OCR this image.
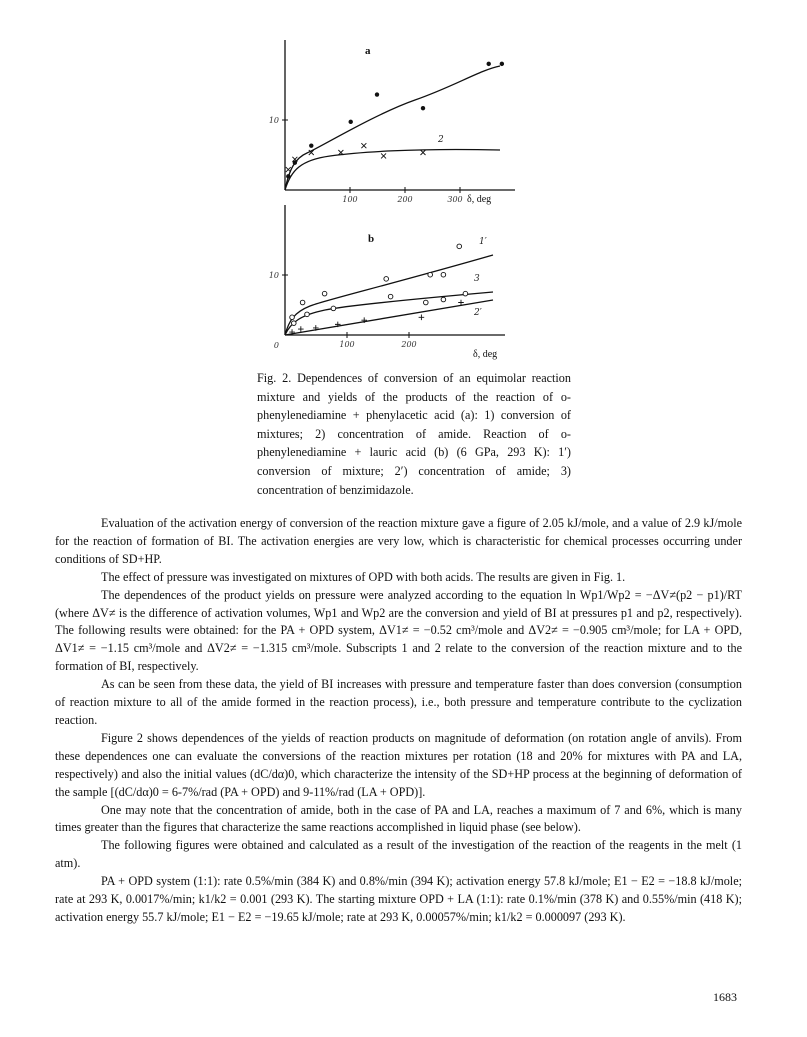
100	200	300 δ, deg
10
a
2
100	200
δ, deg
10
0
b	1′
3
2′

Fig. 2. Dependences of conversion of an equimolar reaction mixture and yields of the products of the reaction of o-phenylenediamine + phenylacetic acid (a): 1) conversion of mixtures; 2) concentration of amide. Reaction of o-phenylenediamine + lauric acid (b) (6 GPa, 293 K): 1′) conversion of mixture; 2′) concentration of amide; 3) concentration of benzimidazole.

Evaluation of the activation energy of conversion of the reaction mixture gave a figure of 2.05 kJ/mole, and a value of 2.9 kJ/mole for the reaction of formation of BI. The activation energies are very low, which is characteristic for chemical processes occurring under conditions of SD+HP.

The effect of pressure was investigated on mixtures of OPD with both acids. The results are given in Fig. 1.

The dependences of the product yields on pressure were analyzed according to the equation ln Wp1/Wp2 = −ΔV≠(p2 − p1)/RT (where ΔV≠ is the difference of activation volumes, Wp1 and Wp2 are the conversion and yield of BI at pressures p1 and p2, respectively). The following results were obtained: for the PA + OPD system, ΔV1≠ = −0.52 cm³/mole and ΔV2≠ = −0.905 cm³/mole; for LA + OPD, ΔV1≠ = −1.15 cm³/mole and ΔV2≠ = −1.315 cm³/mole. Subscripts 1 and 2 relate to the conversion of the reaction mixture and to the formation of BI, respectively.

As can be seen from these data, the yield of BI increases with pressure and temperature faster than does conversion (consumption of reaction mixture to all of the amide formed in the reaction process), i.e., both pressure and temperature contribute to the cyclization reaction.

Figure 2 shows dependences of the yields of reaction products on magnitude of deformation (on rotation angle of anvils). From these dependences one can evaluate the conversions of the reaction mixtures per rotation (18 and 20% for mixtures with PA and LA, respectively) and also the initial values (dC/dα)0, which characterize the intensity of the SD+HP process at the beginning of deformation of the sample [(dC/dα)0 = 6-7%/rad (PA + OPD) and 9-11%/rad (LA + OPD)].

One may note that the concentration of amide, both in the case of PA and LA, reaches a maximum of 7 and 6%, which is many times greater than the figures that characterize the same reactions accomplished in liquid phase (see below).

The following figures were obtained and calculated as a result of the investigation of the reaction of the reagents in the melt (1 atm).

PA + OPD system (1:1): rate 0.5%/min (384 K) and 0.8%/min (394 K); activation energy 57.8 kJ/mole; E1 − E2 = −18.8 kJ/mole; rate at 293 K, 0.0017%/min; k1/k2 = 0.001 (293 K). The starting mixture OPD + LA (1:1): rate 0.1%/min (378 K) and 0.55%/min (418 K); activation energy 55.7 kJ/mole; E1 − E2 = −19.65 kJ/mole; rate at 293 K, 0.00057%/min; k1/k2 = 0.000097 (293 K).

1683
